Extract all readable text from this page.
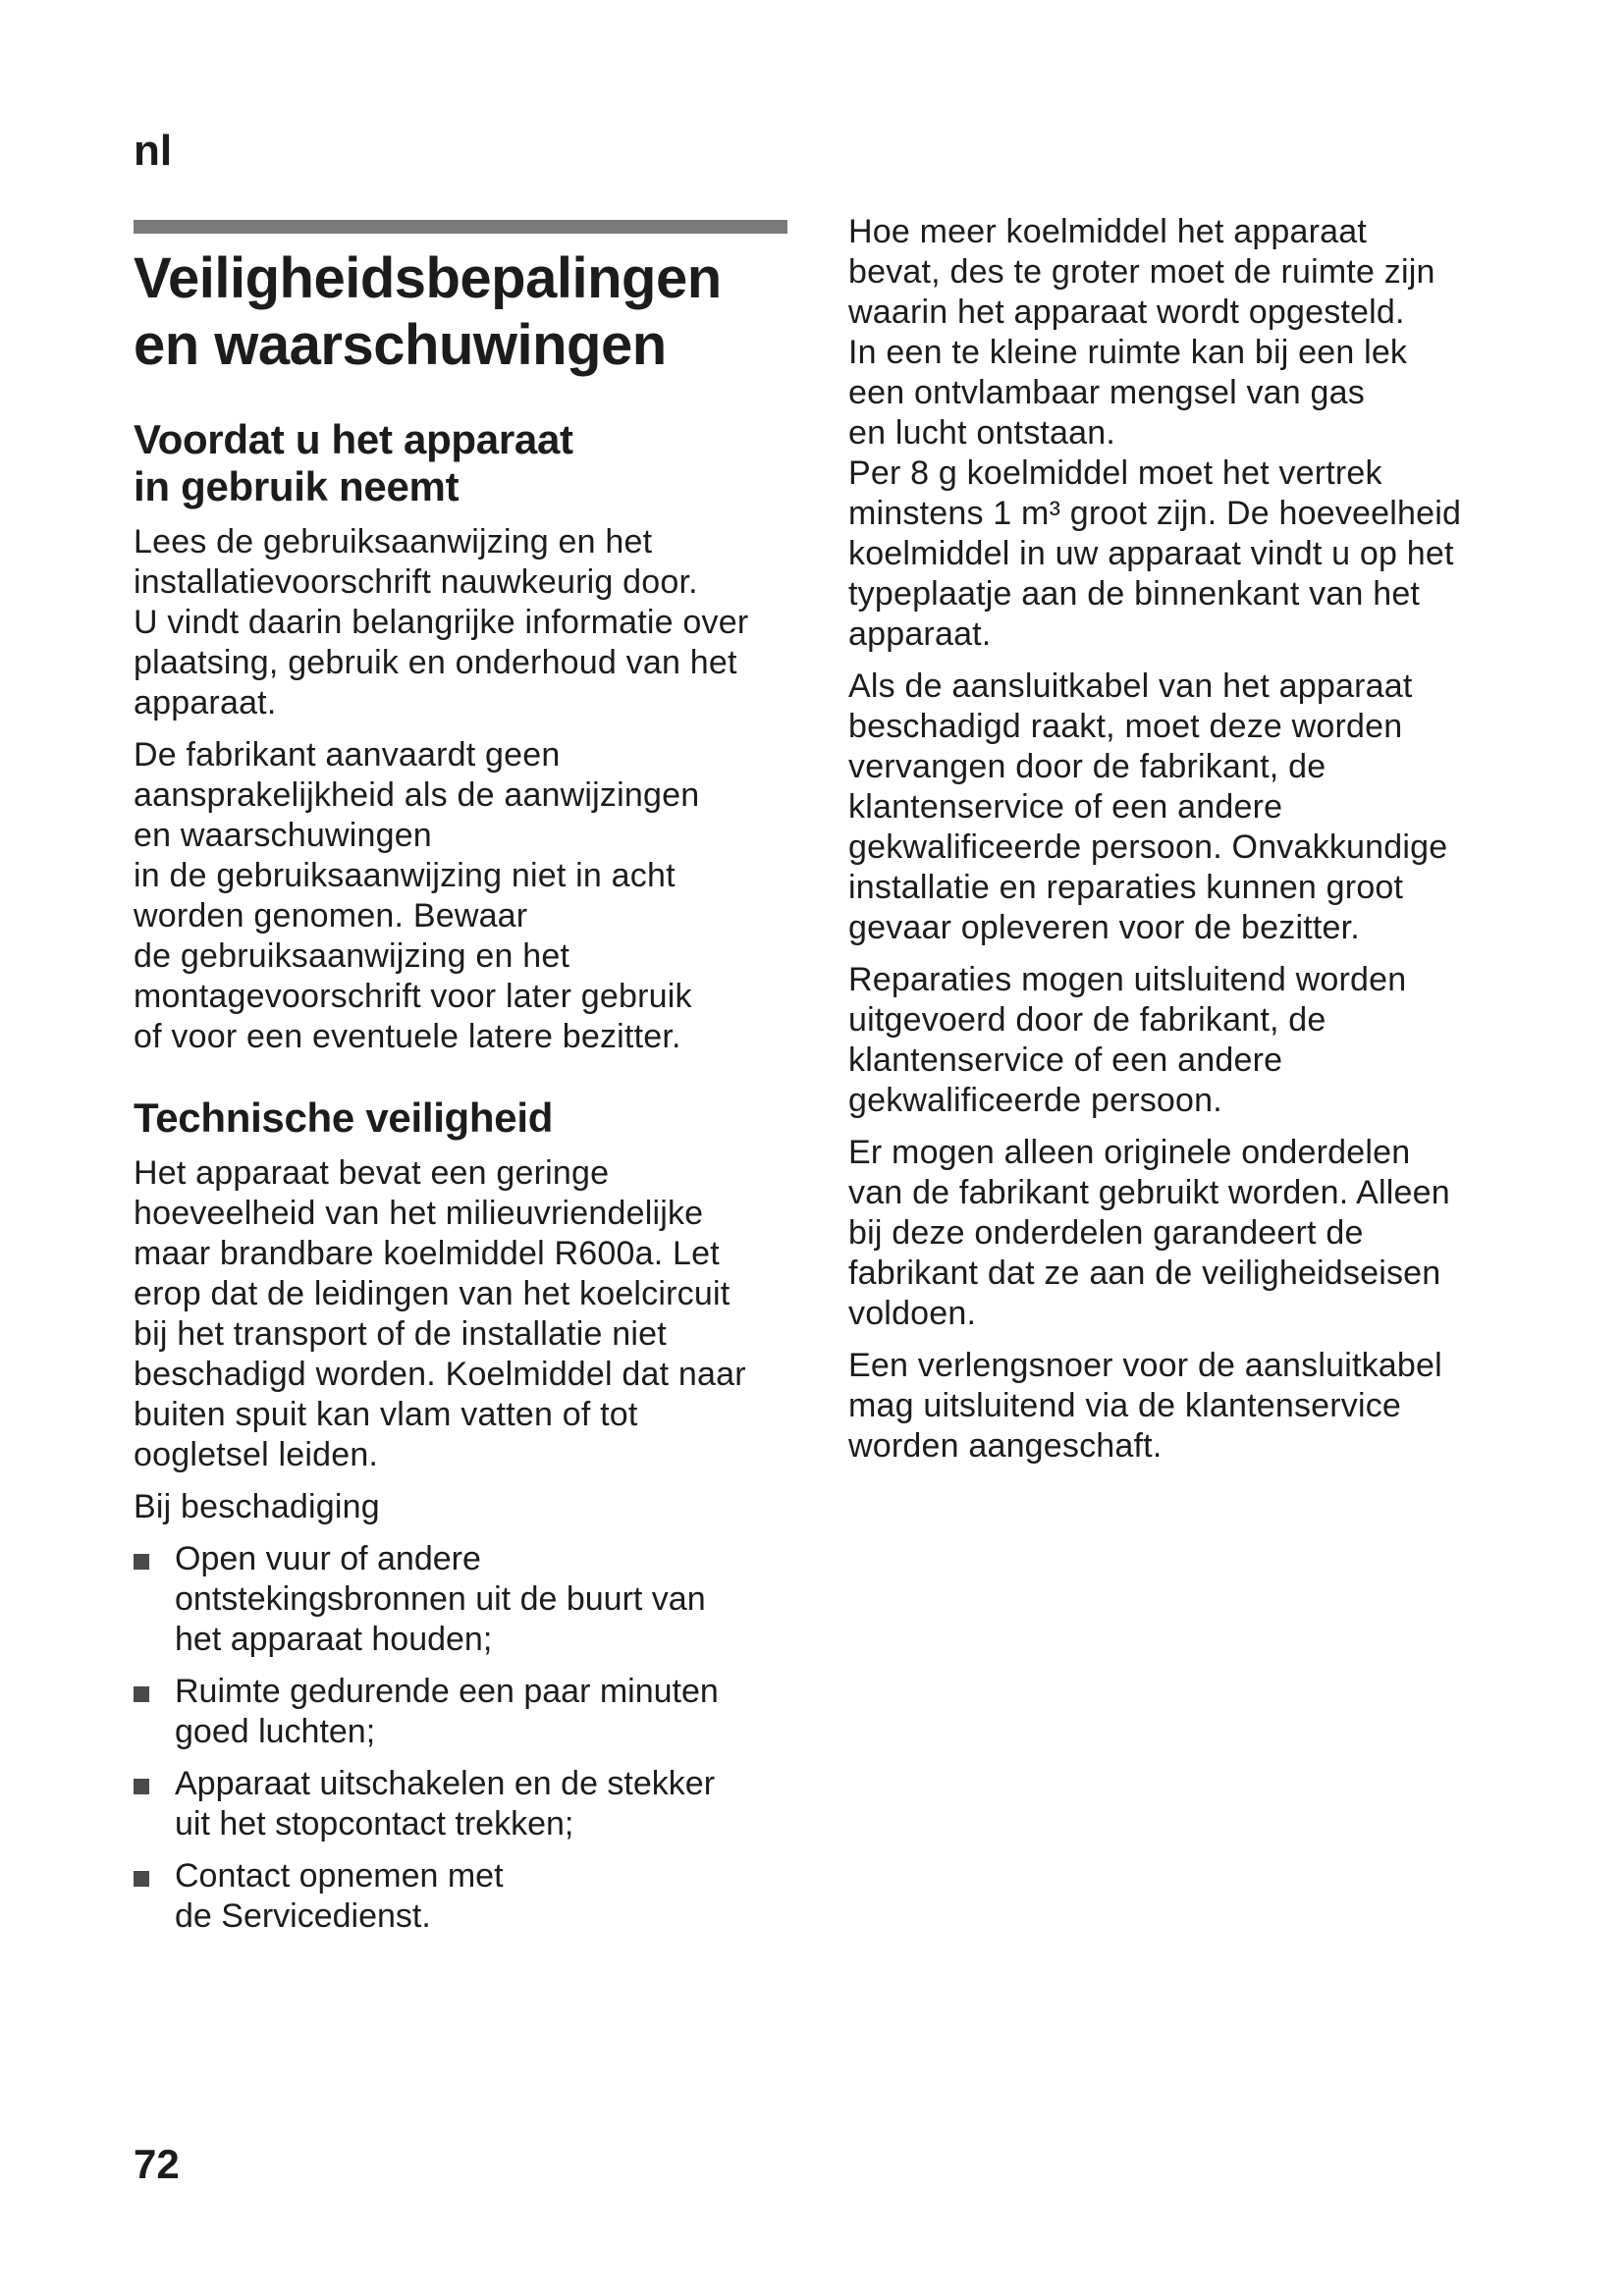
nl
Veiligheidsbepalingen
en waarschuwingen
Voordat u het apparaat
in gebruik neemt

Lees de gebruiksaanwijzing en het
installatievoorschrift nauwkeurig door.
U vindt daarin belangrijke informatie over
plaatsing, gebruik en onderhoud van het
apparaat.

De fabrikant aanvaardt geen
aansprakelijkheid als de aanwijzingen
en waarschuwingen
in de gebruiksaanwijzing niet in acht
worden genomen. Bewaar
de gebruiksaanwijzing en het
montagevoorschrift voor later gebruik
of voor een eventuele latere bezitter.

Technische veiligheid

Het apparaat bevat een geringe
hoeveelheid van het milieuvriendelijke
maar brandbare koelmiddel R600a. Let
erop dat de leidingen van het koelcircuit
bij het transport of de installatie niet
beschadigd worden. Koelmiddel dat naar
buiten spuit kan vlam vatten of tot
oogletsel leiden.

Bij beschadiging

Open vuur of andere
ontstekingsbronnen uit de buurt van
het apparaat houden;
Ruimte gedurende een paar minuten
goed luchten;
Apparaat uitschakelen en de stekker
uit het stopcontact trekken;
Contact opnemen met
de Servicedienst.

Hoe meer koelmiddel het apparaat
bevat, des te groter moet de ruimte zijn
waarin het apparaat wordt opgesteld.
In een te kleine ruimte kan bij een lek
een ontvlambaar mengsel van gas
en lucht ontstaan.
Per 8 g koelmiddel moet het vertrek
minstens 1 m³ groot zijn. De hoeveelheid
koelmiddel in uw apparaat vindt u op het
typeplaatje aan de binnenkant van het
apparaat.

Als de aansluitkabel van het apparaat
beschadigd raakt, moet deze worden
vervangen door de fabrikant, de
klantenservice of een andere
gekwalificeerde persoon. Onvakkundige
installatie en reparaties kunnen groot
gevaar opleveren voor de bezitter.

Reparaties mogen uitsluitend worden
uitgevoerd door de fabrikant, de
klantenservice of een andere
gekwalificeerde persoon.

Er mogen alleen originele onderdelen
van de fabrikant gebruikt worden. Alleen
bij deze onderdelen garandeert de
fabrikant dat ze aan de veiligheidseisen
voldoen.

Een verlengsnoer voor de aansluitkabel
mag uitsluitend via de klantenservice
worden aangeschaft.

72
